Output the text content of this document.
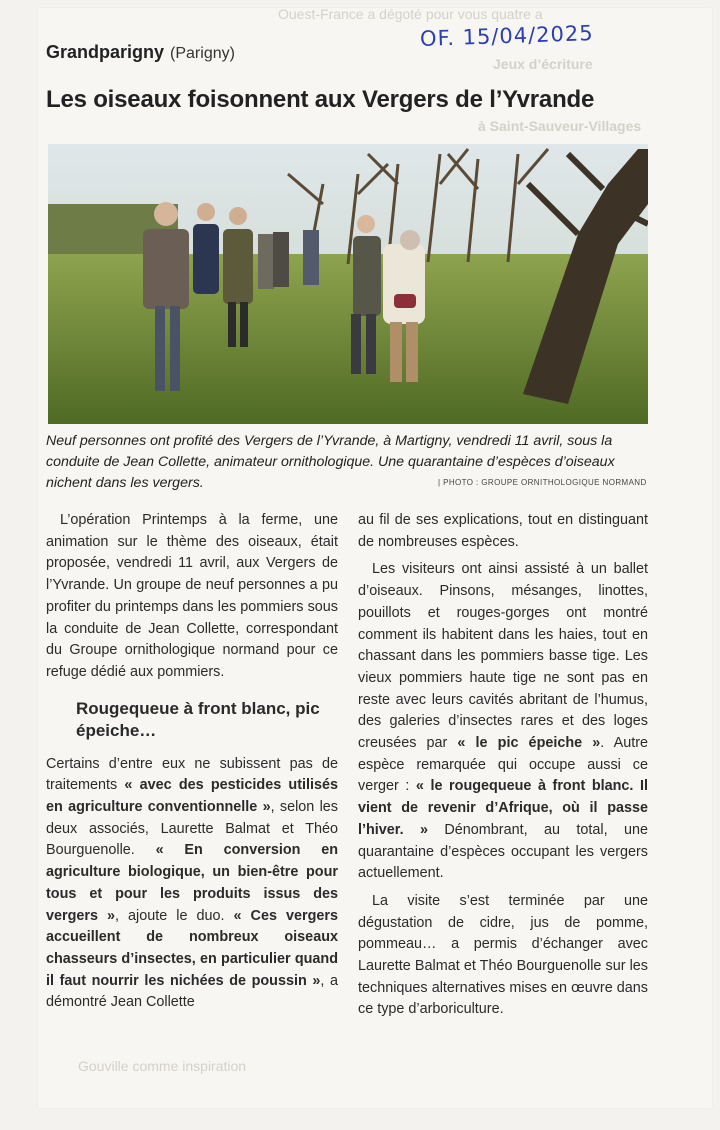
Ouest-France a dégoté pour vous quatre a
Jeux d’écriture
à Saint-Sauveur-Villages
Gouville comme inspiration
Grandparigny (Parigny)
OF. 15/04/2025
Les oiseaux foisonnent aux Vergers de l’Yvrande
Neuf personnes ont profité des Vergers de l’Yvrande, à Martigny, vendredi 11 avril, sous la conduite de Jean Collette, animateur ornithologique. Une quarantaine d’espèces d’oiseaux nichent dans les vergers.	| PHOTO : GROUPE ORNITHOLOGIQUE NORMAND

L’opération Printemps à la ferme, une animation sur le thème des oiseaux, était proposée, vendredi 11 avril, aux Vergers de l’Yvrande. Un groupe de neuf personnes a pu profiter du printemps dans les pommiers sous la conduite de Jean Collette, correspondant du Groupe ornithologique normand pour ce refuge dédié aux pommiers.

Rougequeue à front blanc, pic épeiche…

Certains d’entre eux ne subissent pas de traitements « avec des pesticides utilisés en agriculture conventionnelle », selon les deux associés, Laurette Balmat et Théo Bourguenolle. « En conversion en agriculture biologique, un bien-être pour tous et pour les produits issus des vergers », ajoute le duo. « Ces vergers accueillent de nombreux oiseaux chasseurs d’insectes, en particulier quand il faut nourrir les nichées de poussin », a démontré Jean Collette

au fil de ses explications, tout en distinguant de nombreuses espèces.

Les visiteurs ont ainsi assisté à un ballet d’oiseaux. Pinsons, mésanges, linottes, pouillots et rouges-gorges ont montré comment ils habitent dans les haies, tout en chassant dans les pommiers basse tige. Les vieux pommiers haute tige ne sont pas en reste avec leurs cavités abritant de l’humus, des galeries d’insectes rares et des loges creusées par « le pic épeiche ». Autre espèce remarquée qui occupe aussi ce verger : « le rougequeue à front blanc. Il vient de revenir d’Afrique, où il passe l’hiver. » Dénombrant, au total, une quarantaine d’espèces occupant les vergers actuellement.

La visite s’est terminée par une dégustation de cidre, jus de pomme, pommeau… a permis d’échanger avec Laurette Balmat et Théo Bourguenolle sur les techniques alternatives mises en œuvre dans ce type d’arboriculture.
